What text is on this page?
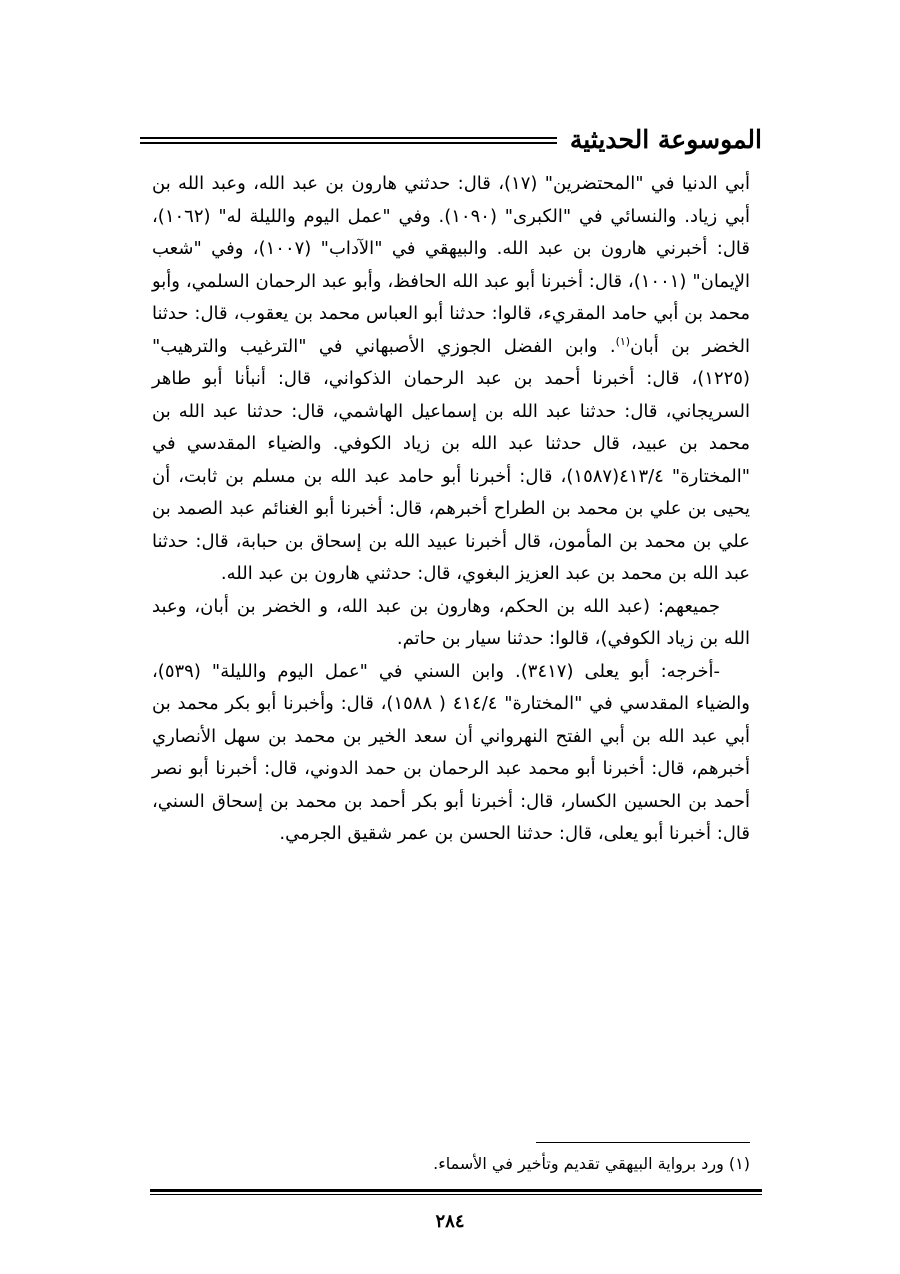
الموسوعة الحديثية

أبي الدنيا في "المحتضرين" (١٧)، قال: حدثني هارون بن عبد الله، وعبد الله بن أبي زياد. والنسائي في "الكبرى" (١٠٩٠). وفي "عمل اليوم والليلة له" (١٠٦٢)، قال: أخبرني هارون بن عبد الله. والبيهقي في "الآداب" (١٠٠٧)، وفي "شعب الإيمان" (١٠٠١)، قال: أخبرنا أبو عبد الله الحافظ، وأبو عبد الرحمان السلمي، وأبو محمد بن أبي حامد المقريء، قالوا: حدثنا أبو العباس محمد بن يعقوب، قال: حدثنا الخضر بن أبان$^{(١)}$. وابن الفضل الجوزي الأصبهاني في "الترغيب والترهيب" (١٢٢٥)، قال: أخبرنا أحمد بن عبد الرحمان الذكواني، قال: أنبأنا أبو طاهر السريجاني، قال: حدثنا عبد الله بن إسماعيل الهاشمي، قال: حدثنا عبد الله بن محمد بن عبيد، قال حدثنا عبد الله بن زياد الكوفي. والضياء المقدسي في "المختارة" ٤١٣/٤(١٥٨٧)، قال: أخبرنا أبو حامد عبد الله بن مسلم بن ثابت، أن يحيى بن علي بن محمد بن الطراح أخبرهم، قال: أخبرنا أبو الغنائم عبد الصمد بن علي بن محمد بن المأمون، قال أخبرنا عبيد الله بن إسحاق بن حبابة، قال: حدثنا عبد الله بن محمد بن عبد العزيز البغوي، قال: حدثني هارون بن عبد الله.

جميعهم: (عبد الله بن الحكم، وهارون بن عبد الله، و الخضر بن أبان، وعبد الله بن زياد الكوفي)، قالوا: حدثنا سيار بن حاتم.

-أخرجه: أبو يعلى (٣٤١٧). وابن السني في "عمل اليوم والليلة" (٥٣٩)، والضياء المقدسي في "المختارة" ٤١٤/٤ ( ١٥٨٨)، قال: وأخبرنا أبو بكر محمد بن أبي عبد الله بن أبي الفتح النهرواني أن سعد الخير بن محمد بن سهل الأنصاري أخبرهم، قال: أخبرنا أبو محمد عبد الرحمان بن حمد الدوني، قال: أخبرنا أبو نصر أحمد بن الحسين الكسار، قال: أخبرنا أبو بكر أحمد بن محمد بن إسحاق السني، قال: أخبرنا أبو يعلى، قال: حدثنا الحسن بن عمر شقيق الجرمي.

(١) ورد برواية البيهقي تقديم وتأخير في الأسماء.
٢٨٤
